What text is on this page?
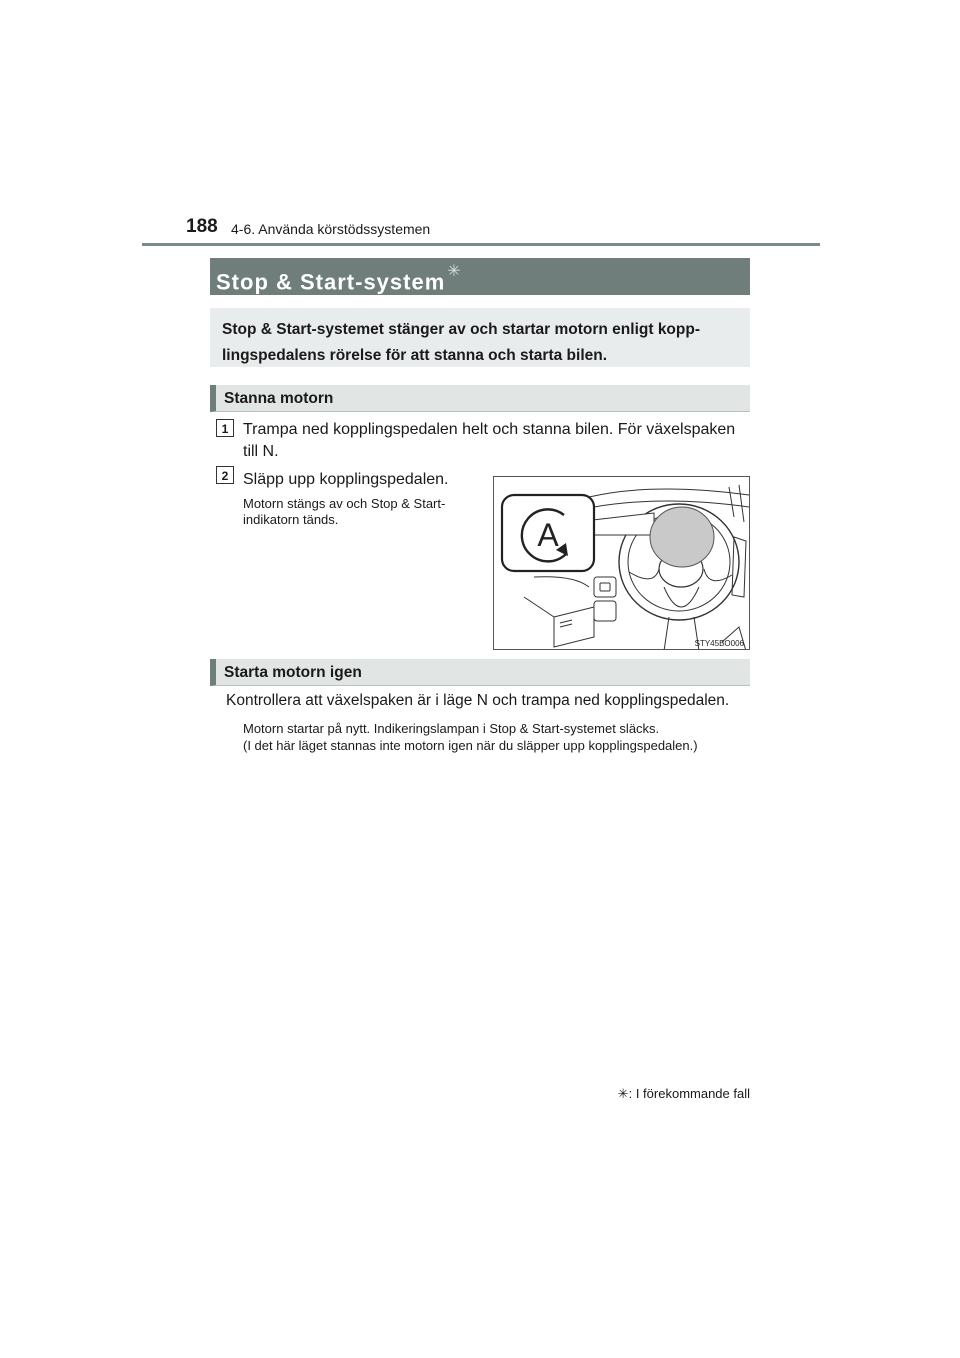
188 4-6. Använda körstödssystemen
Stop & Start-system ✳
Stop & Start-systemet stänger av och startar motorn enligt kopp-lingspedalens rörelse för att stanna och starta bilen.
Stanna motorn
1 Trampa ned kopplingspedalen helt och stanna bilen. För växelspaken till N.
2 Släpp upp kopplingspedalen.
Motorn stängs av och Stop & Start-indikatorn tänds.	A
STY45BO006
Starta motorn igen
Kontrollera att växelspaken är i läge N och trampa ned kopplingspedalen.
Motorn startar på nytt. Indikeringslampan i Stop & Start-systemet släcks.
(I det här läget stannas inte motorn igen när du släpper upp kopplingspedalen.)
✳: I förekommande fall
